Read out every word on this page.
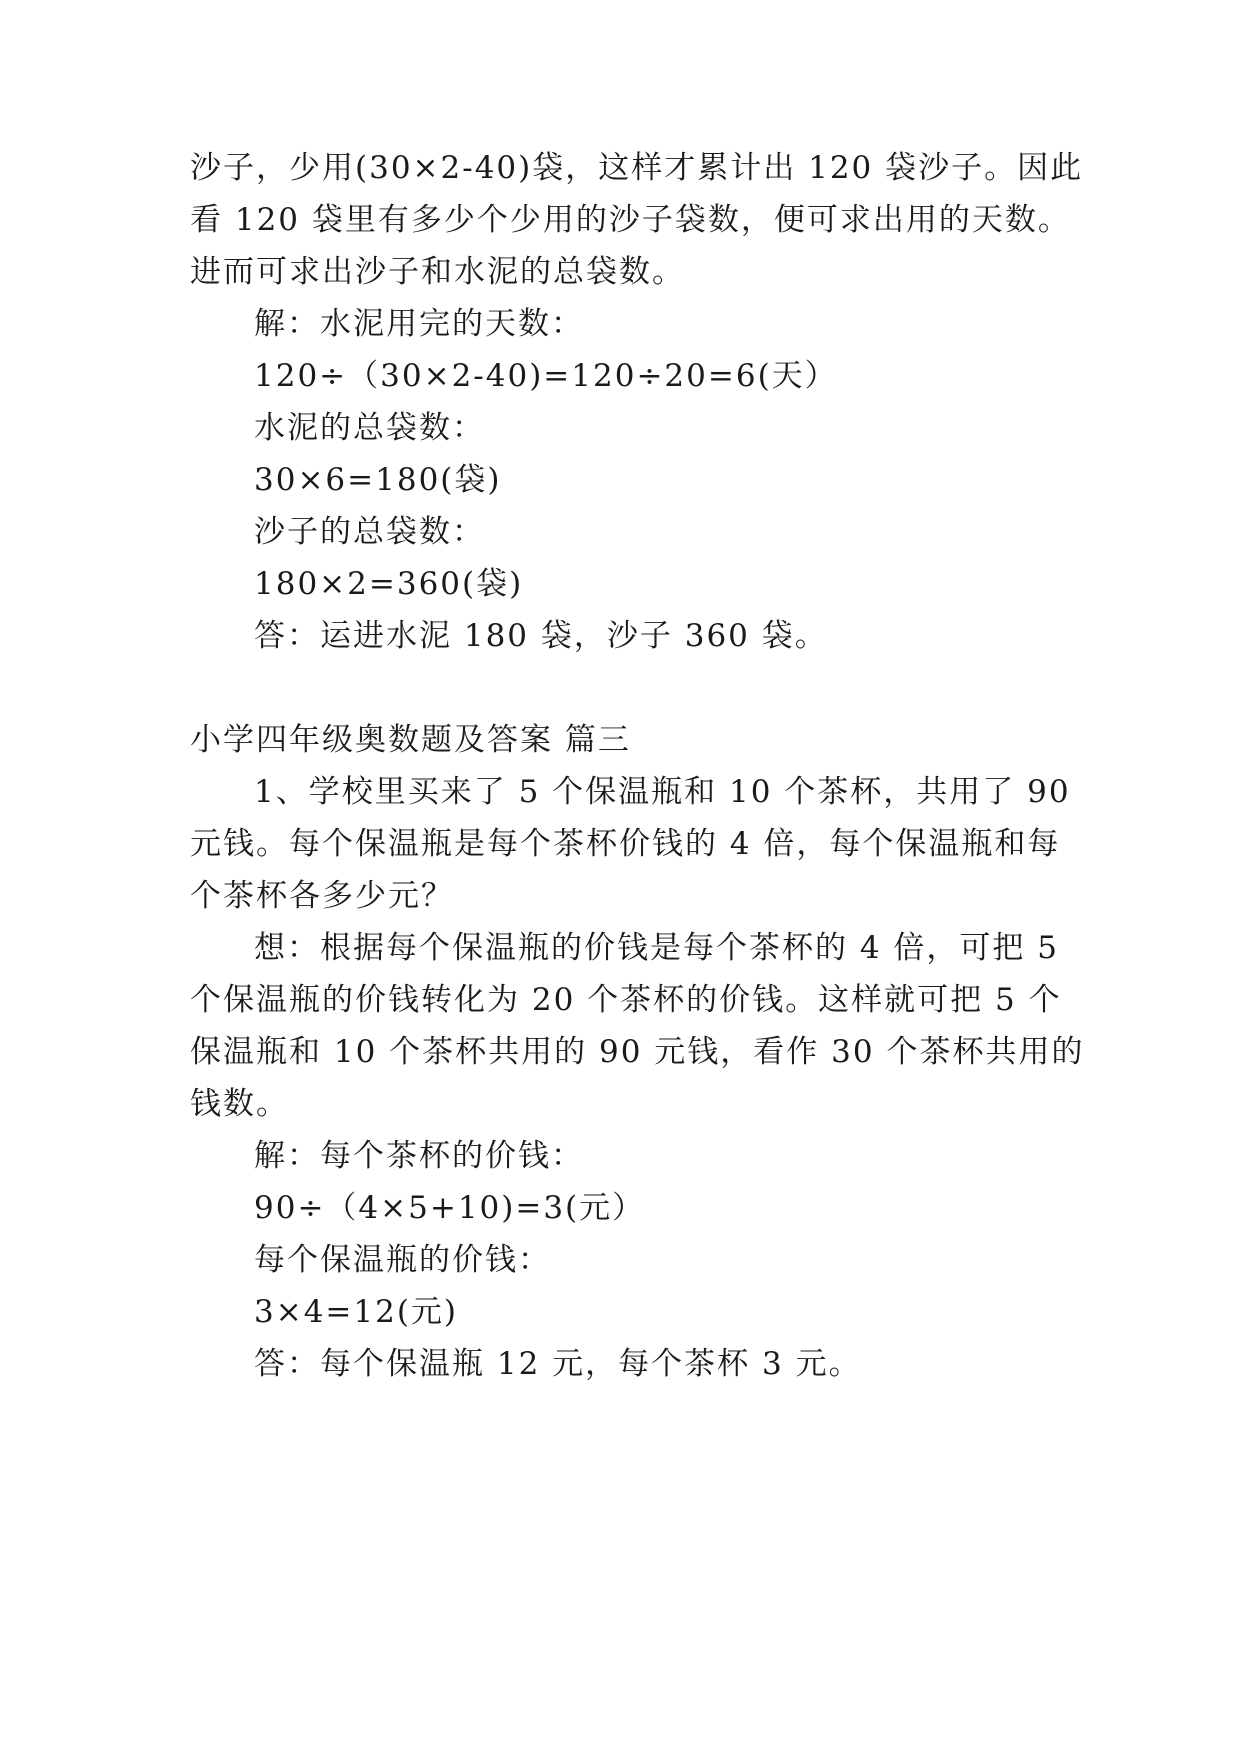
沙子，少用(30×2-40)袋，这样才累计出 120 袋沙子。因此

看 120 袋里有多少个少用的沙子袋数，便可求出用的天数。

进而可求出沙子和水泥的总袋数。

解：水泥用完的天数：

120÷（30×2-40)=120÷20=6(天）

水泥的总袋数：

30×6=180(袋)

沙子的总袋数：

180×2=360(袋)

答：运进水泥 180 袋，沙子 360 袋。

小学四年级奥数题及答案 篇三

1、学校里买来了 5 个保温瓶和 10 个茶杯，共用了 90

元钱。每个保温瓶是每个茶杯价钱的 4 倍，每个保温瓶和每

个茶杯各多少元？

想：根据每个保温瓶的价钱是每个茶杯的 4 倍，可把 5

个保温瓶的价钱转化为 20 个茶杯的价钱。这样就可把 5 个

保温瓶和 10 个茶杯共用的 90 元钱，看作 30 个茶杯共用的

钱数。

解：每个茶杯的价钱：

90÷（4×5+10)=3(元）

每个保温瓶的价钱：

3×4=12(元)

答：每个保温瓶 12 元，每个茶杯 3 元。
